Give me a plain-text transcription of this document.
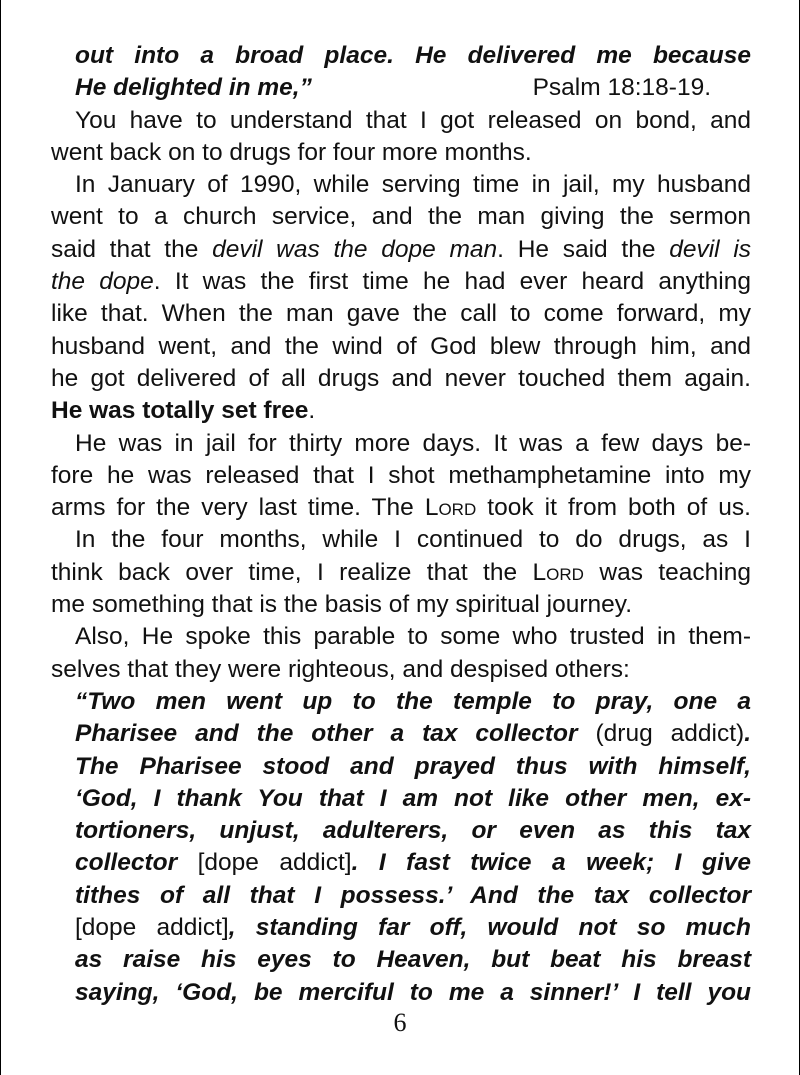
out into a broad place. He delivered me because
He delighted in me,”	Psalm 18:18-19.
You have to understand that I got released on bond, and
went back on to drugs for four more months.
In January of 1990, while serving time in jail, my husband
went to a church service, and the man giving the sermon
said that the devil was the dope man. He said the devil is
the dope. It was the first time he had ever heard anything
like that. When the man gave the call to come forward, my
husband went, and the wind of God blew through him, and
he got delivered of all drugs and never touched them again.
He was totally set free.
He was in jail for thirty more days. It was a few days be-
fore he was released that I shot methamphetamine into my
arms for the very last time. The Lord took it from both of us.
In the four months, while I continued to do drugs, as I
think back over time, I realize that the Lord was teaching
me something that is the basis of my spiritual journey.
Also, He spoke this parable to some who trusted in them-
selves that they were righteous, and despised others:
“Two men went up to the temple to pray, one a
Pharisee and the other a tax collector (drug addict).
The Pharisee stood and prayed thus with himself,
‘God, I thank You that I am not like other men, ex-
tortioners, unjust, adulterers, or even as this tax
collector [dope addict]. I fast twice a week; I give
tithes of all that I possess.’ And the tax collector
[dope addict], standing far off, would not so much
as raise his eyes to Heaven, but beat his breast
saying, ‘God, be merciful to me a sinner!’ I tell you
6
